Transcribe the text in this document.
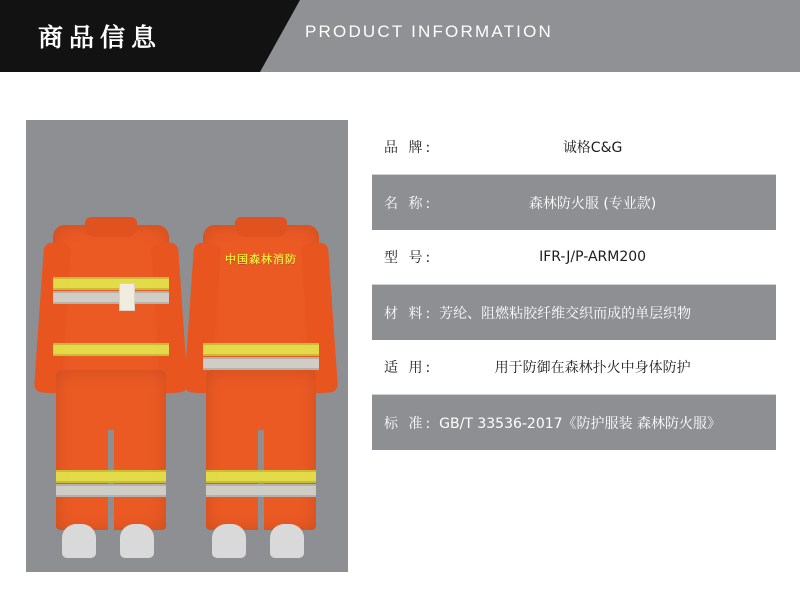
商品信息	PRODUCT INFORMATION
中国森林消防
品 牌:	诚格C&G
名 称:	森林防火服 (专业款)
型 号:	IFR-J/P-ARM200
材 料: 芳纶、阻燃粘胶纤维交织而成的单层织物
适 用:	用于防御在森林扑火中身体防护
标 准: GB/T 33536-2017《防护服装 森林防火服》
